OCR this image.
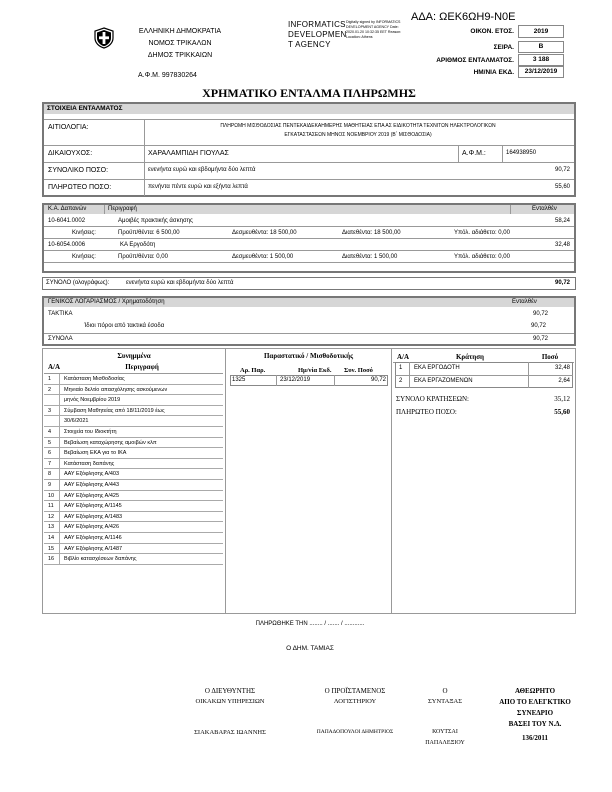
ΕΛΛΗΝΙΚΗ ΔΗΜΟΚΡΑΤΙΑ
ΝΟΜΟΣ ΤΡΙΚΑΛΩΝ
ΔΗΜΟΣ ΤΡΙΚΚΑΙΩΝ
Α.Φ.Μ. 997830264
INFORMATICS
DEVELOPMEN
T AGENCY
Digitally signed by INFORMATICS DEVELOPMENT AGENCY Date: 2020.01.20 10:32:35 EET Reason: Location: Athens
ΑΔΑ: ΩΕΚ6ΩΗ9-Ν0Ε
ΟΙΚΟΝ. ΕΤΟΣ.	2019
ΣΕΙΡΑ.	Β
ΑΡΙΘΜΟΣ ΕΝΤΑΛΜΑΤΟΣ.	3 188
ΗΜ/ΝΙΑ ΕΚΔ.	23/12/2019
ΧΡΗΜΑΤΙΚΟ ΕΝΤΑΛΜΑ ΠΛΗΡΩΜΗΣ
ΣΤΟΙΧΕΙΑ ΕΝΤΑΛΜΑΤΟΣ
ΑΙΤΙΟΛΟΓΙΑ:	ΠΛΗΡΩΜΗ ΜΙΣΘΟΔΟΣΙΑΣ ΠΕΝΤΕΚΑΙΔΕΚΑΗΜΕΡΗΣ ΜΑΘΗΤΕΙΑΣ ΕΠΑ ΑΣ ΕΙΔΙΚΟΤΗΤΑ ΤΕΧΝΙΤΩΝ ΗΛΕΚΤΡΟΛΟΓΙΚΩΝ
ΕΓΚΑΤΑΣΤΑΣΕΩΝ ΜΗΝΟΣ ΝΟΕΜΒΡΙΟΥ 2019 (Β΄ ΜΙΣΘΟΔΟΣΙΑ)
ΔΙΚΑΙΟΥΧΟΣ:	ΧΑΡΑΛΑΜΠΙΔΗ ΓΙΟΥΛΑΣ	Α.Φ.Μ.:	164938950
ΣΥΝΟΛΙΚΟ ΠΟΣΟ:	ενενήντα ευρώ και εβδομήντα δύο λεπτά	90,72
ΠΛΗΡΩΤΕΟ ΠΟΣΟ:	πενήντα πέντε ευρώ και εξήντα λεπτά	55,60
Κ.Α. Δαπανών	Περιγραφή	Ενταλθέν
10-6041.0002	Αμοιβές πρακτικής άσκησης	58,24
Κινήσεις:	Προϋπ/θέντα: 6 500,00	Δεσμευθέντα: 18 500,00	Διατεθέντα: 18 500,00	Υπόλ. αδιάθετο: 0,00
10-6054.0006	ΚΑ Εργοδότη	32,48
Κινήσεις:	Προϋπ/θέντα: 0,00	Δεσμευθέντα: 1 500,00	Διατεθέντα: 1 500,00	Υπόλ. αδιάθετο: 0,00
ΣΥΝΟΛΟ (ολογράφως):	ενενήντα ευρώ και εβδομήντα δύο λεπτά	90,72
ΓΕΝΙΚΟΣ ΛΟΓΑΡΙΑΣΜΟΣ / Χρηματοδότηση	Ενταλθέν
ΤΑΚΤΙΚΑ	90,72
Ίδιοι πόροι από τακτικά έσοδα	90,72
ΣΥΝΟΛΑ	90,72
Συνημμένα
Α/Α	Περιγραφή
1 Κατάσταση Μισθοδοσίας
2 Μηνιαίο δελτίο απασχόλησης ασκούμενων
μηνός Νοεμβρίου 2019
3 Σύμβαση Μαθητείας από 18/11/2019 έως
30/6/2021
4 Στοιχεία του Ιδιοκτήτη
5 Βεβαίωση καταχώρησης αμοιβών κλπ
6 Βεβαίωση ΕΚΑ για το ΙΚΑ
7 Κατάσταση δαπάνης
8 ΑΑΥ Εξόφλησης Α/403
9 ΑΑΥ Εξόφλησης Α/443
10 ΑΑΥ Εξόφλησης Α/425
11 ΑΑΥ Εξόφλησης Α/1145
12 ΑΑΥ Εξόφλησης Α/1483
13 ΑΑΥ Εξόφλησης Α/426
14 ΑΑΥ Εξόφλησης Α/1146
15 ΑΑΥ Εξόφλησης Α/1487
16 Βιβλίο κατασχέσεων δαπάνης
Παραστατικό / Μισθοδοτικής
Αρ. Παρ.	Ημ/νία Εκδ. Συν. Ποσό
1325	23/12/2019	90,72
Α/Α	Κράτηση	Ποσό
1 ΕΚΑ ΕΡΓΟΔΟΤΗ	32,48
2 ΕΚΑ ΕΡΓΑΖΟΜΕΝΩΝ	2,64
ΣΥΝΟΛΟ ΚΡΑΤΗΣΕΩΝ:	35,12
ΠΛΗΡΩΤΕΟ ΠΟΣΟ:	55,60
ΠΛΗΡΩΘΗΚΕ ΤΗΝ ........ / ....... / ............
Ο ΔΗΜ. ΤΑΜΙΑΣ
Ο ΔΙΕΥΘΥΝΤΗΣ
ΟΙΚΑΚΩΝ ΥΠΗΡΕΣΙΩΝ
ΣΙΑΚΑΒΑΡΑΣ ΙΩΑΝΝΗΣ
Ο ΠΡΟΪΣΤΑΜΕΝΟΣ
ΛΟΓΙΣΤΗΡΙΟΥ
ΠΑΠΑΔΟΠΟΥΛΟΙ ΔΗΜΗΤΡΙΟΣ
Ο
ΣΥΝΤΑΞΑΣ
ΚΟΥΤΣΑΙ
ΠΑΠΑΛΕΞΙΟΥ
ΑΘΕΩΡΗΤΟ
ΑΠΟ ΤΟ ΕΛΕΓΚΤΙΚΟ
ΣΥΝΕΔΡΙΟ
ΒΑΣΕΙ ΤΟΥ Ν.Δ.
136/2011
